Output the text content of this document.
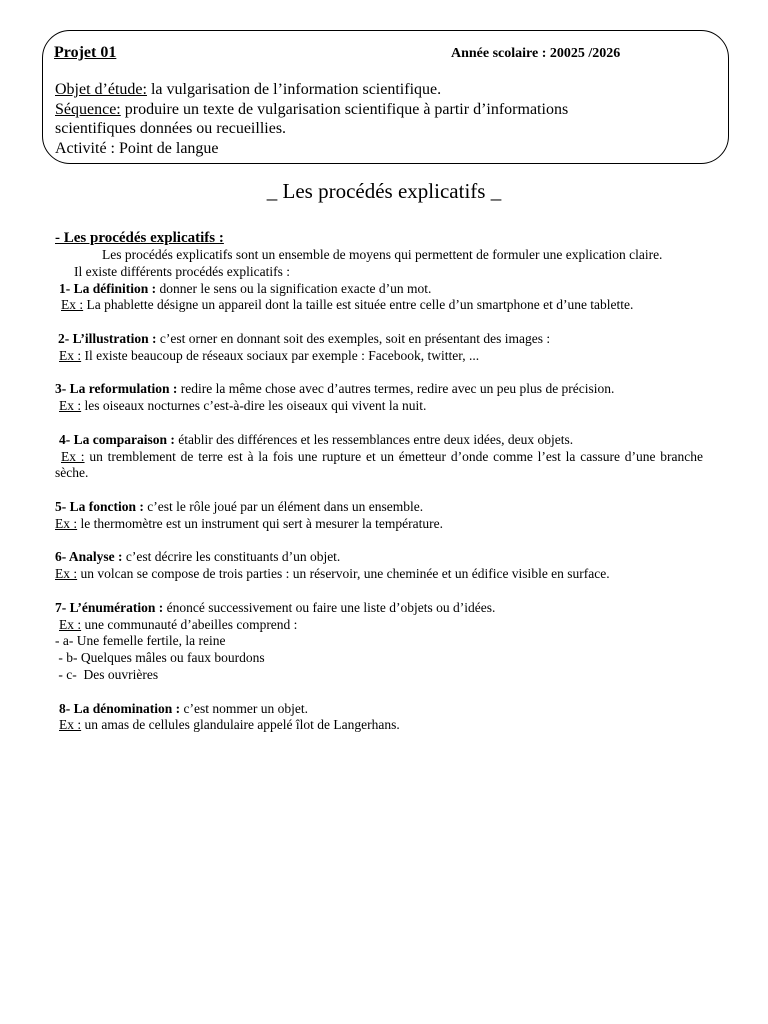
Projet 01	Année scolaire : 20025 /2026
Objet d’étude: la vulgarisation de l’information scientifique.
Séquence: produire un texte de vulgarisation scientifique à partir d’informations
scientifiques données ou recueillies.
Activité : Point de langue
_ Les procédés explicatifs _

- Les procédés explicatifs :

Les procédés explicatifs sont un ensemble de moyens qui permettent de formuler une explication claire.

Il existe différents procédés explicatifs :

1- La définition : donner le sens ou la signification exacte d’un mot.

Ex : La phablette désigne un appareil dont la taille est située entre celle d’un smartphone et d’une tablette.

2- L’illustration : c’est orner en donnant soit des exemples, soit en présentant des images :

Ex : Il existe beaucoup de réseaux sociaux par exemple : Facebook, twitter, ...

3- La reformulation : redire la même chose avec d’autres termes, redire avec un peu plus de précision.

Ex : les oiseaux nocturnes c’est-à-dire les oiseaux qui vivent la nuit.

4- La comparaison : établir des différences et les ressemblances entre deux idées, deux objets.

Ex : un tremblement de terre est à la fois une rupture et un émetteur d’onde comme l’est la cassure d’une branche sèche.

5- La fonction : c’est le rôle joué par un élément dans un ensemble.

Ex : le thermomètre est un instrument qui sert à mesurer la température.

6- Analyse : c’est décrire les constituants d’un objet.

Ex : un volcan se compose de trois parties : un réservoir, une cheminée et un édifice visible en surface.

7- L’énumération : énoncé successivement ou faire une liste d’objets ou d’idées.

Ex : une communauté d’abeilles comprend :

- a- Une femelle fertile, la reine

- b- Quelques mâles ou faux bourdons

- c-  Des ouvrières

8- La dénomination : c’est nommer un objet.

Ex : un amas de cellules glandulaire appelé îlot de Langerhans.
